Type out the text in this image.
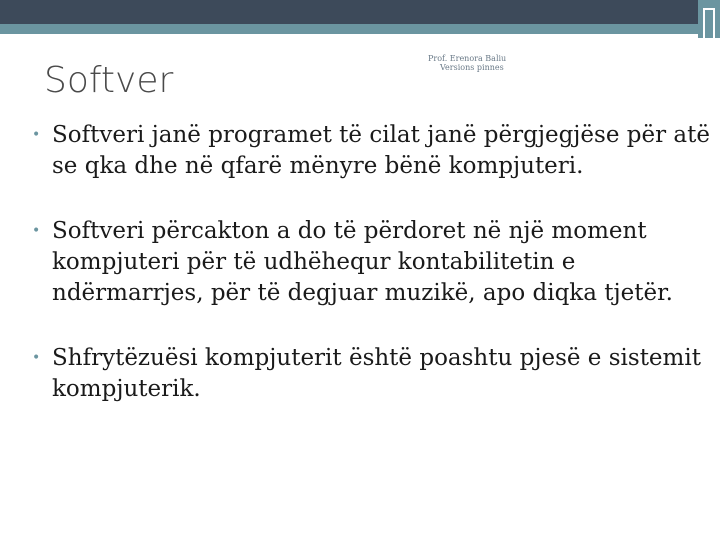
Softver
Prof. Erenora Baliu
Versions pinnes
• Softveri janë programet të cilat janë përgjegjëse për atë se qka dhe në qfarë mënyre bënë kompjuteri.
• Softveri përcakton a do të përdoret në një moment kompjuteri për të udhëhequr kontabilitetin e ndërmarrjes, për të degjuar muzikë, apo diqka tjetër.
• Shfrytëzuësi kompjuterit është poashtu pjesë e sistemit kompjuterik.
